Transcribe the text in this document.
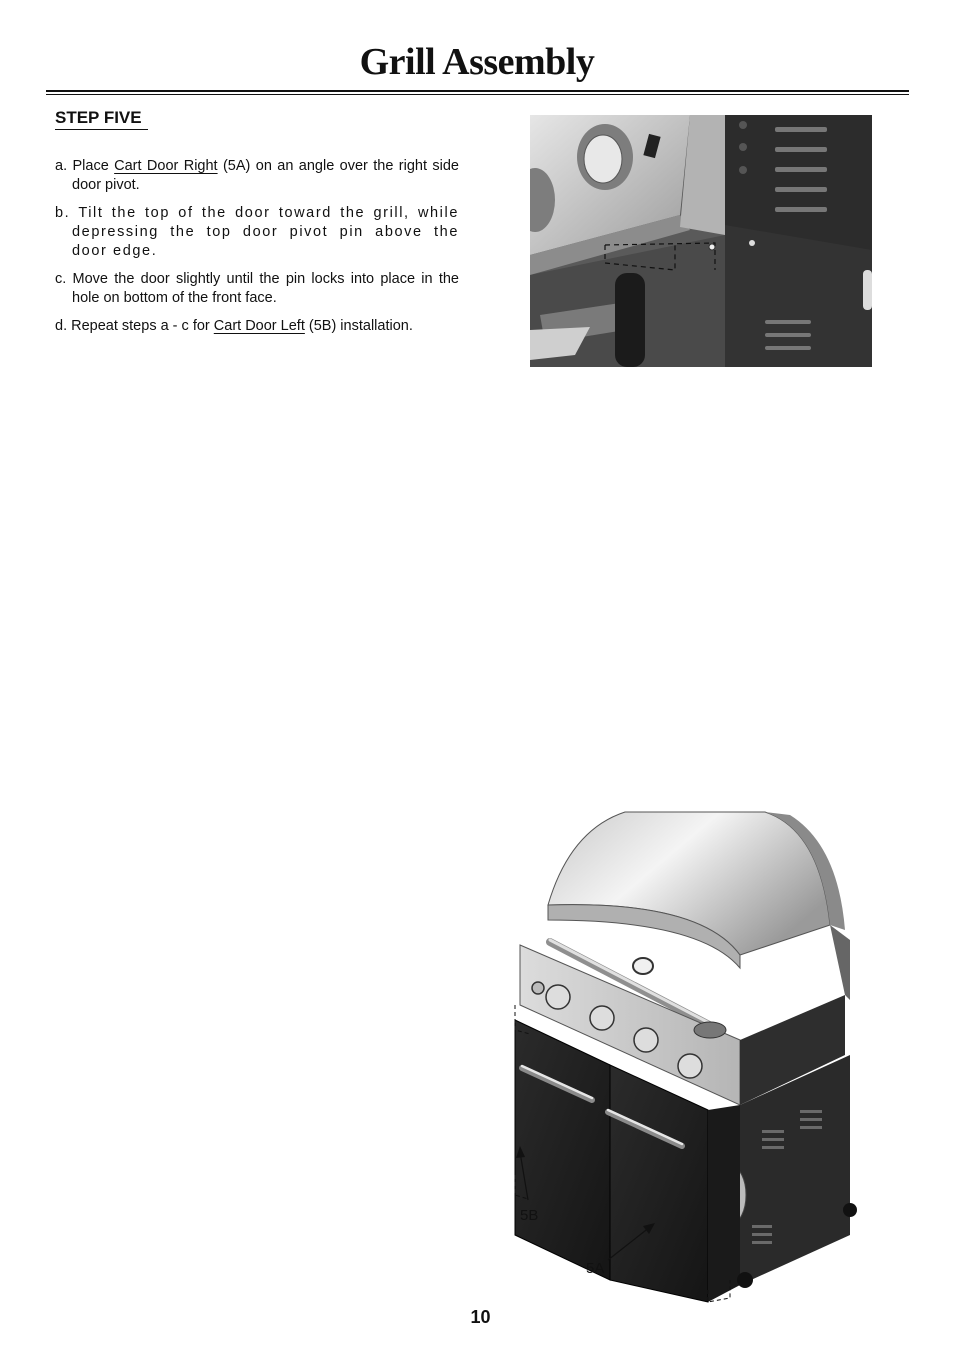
Grill Assembly
STEP FIVE
a. Place Cart Door Right (5A) on an angle over the right side door pivot.
b. Tilt the top of the door toward the grill, while depressing the top door pivot pin above the door edge.
c. Move the door slightly until the pin locks into place in the hole on bottom of the front face.
d. Repeat steps a - c for Cart Door Left (5B) installation.
5B
5A
10
